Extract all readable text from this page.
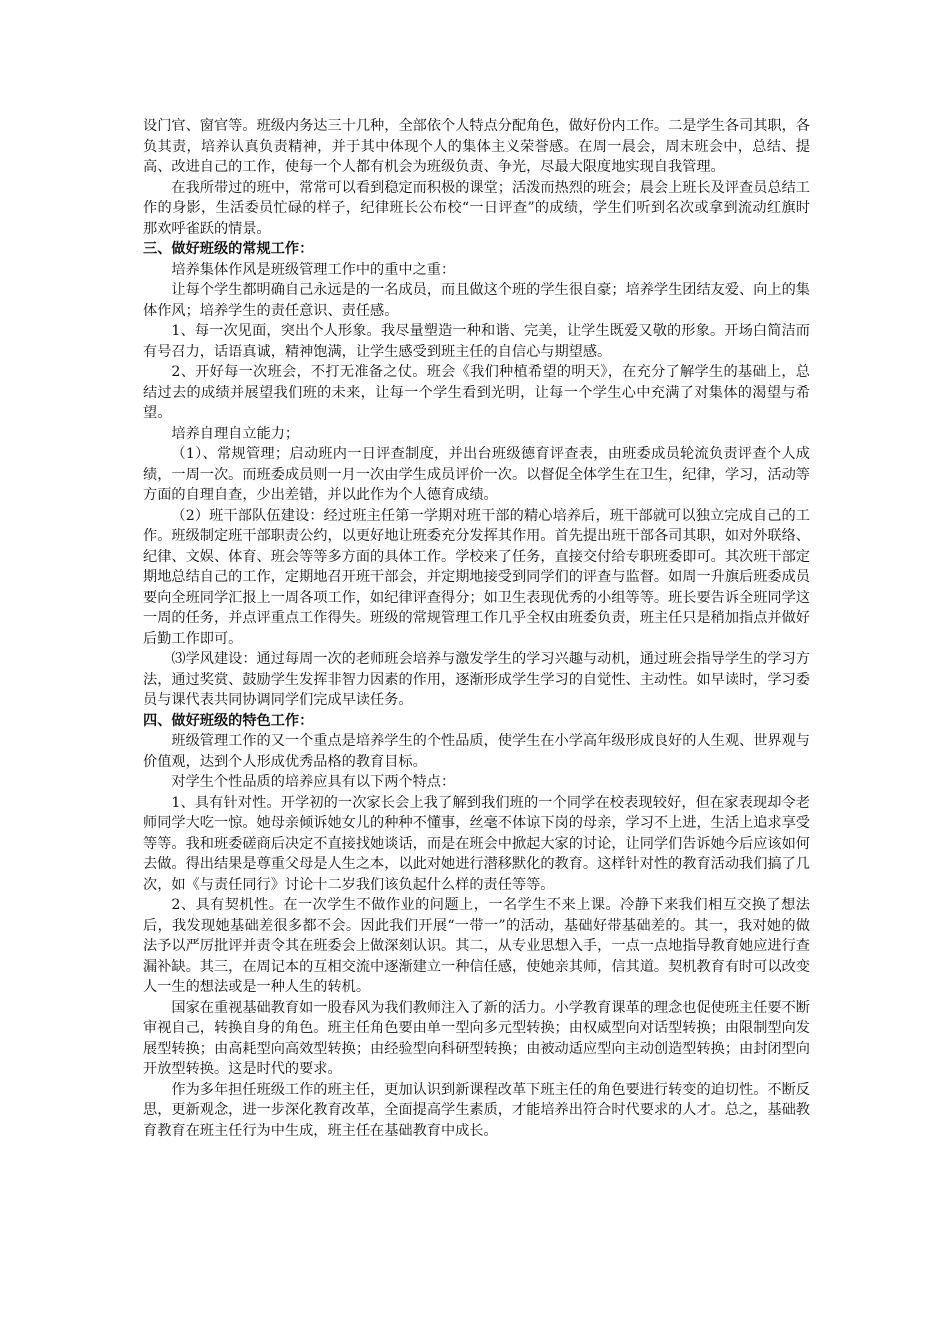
设门官、窗官等。班级内务达三十几种，全部依个人特点分配角色，做好份内工作。二是学生各司其职，各负其责，培养认真负责精神，并于其中体现个人的集体主义荣誉感。在周一晨会，周末班会中，总结、提高、改进自己的工作，使每一个人都有机会为班级负责、争光，尽最大限度地实现自我管理。

在我所带过的班中，常常可以看到稳定而积极的课堂；活泼而热烈的班会；晨会上班长及评查员总结工作的身影，生活委员忙碌的样子，纪律班长公布校“一日评查”的成绩，学生们听到名次或拿到流动红旗时那欢呼雀跃的情景。

三、做好班级的常规工作：

培养集体作风是班级管理工作中的重中之重：

让每个学生都明确自己永远是的一名成员，而且做这个班的学生很自豪；培养学生团结友爱、向上的集体作风；培养学生的责任意识、责任感。

1、每一次见面，突出个人形象。我尽量塑造一种和谐、完美，让学生既爱又敬的形象。开场白简洁而有号召力，话语真诚，精神饱满，让学生感受到班主任的自信心与期望感。

2、开好每一次班会，不打无准备之仗。班会《我们种植希望的明天》，在充分了解学生的基础上，总结过去的成绩并展望我们班的未来，让每一个学生看到光明，让每一个学生心中充满了对集体的渴望与希望。

培养自理自立能力；

（1）、常规管理；启动班内一日评查制度，并出台班级德育评查表，由班委成员轮流负责评查个人成绩，一周一次。而班委成员则一月一次由学生成员评价一次。以督促全体学生在卫生，纪律，学习，活动等方面的自理自查，少出差错，并以此作为个人德育成绩。

（2）班干部队伍建设：经过班主任第一学期对班干部的精心培养后，班干部就可以独立完成自己的工作。班级制定班干部职责公约，以更好地让班委充分发挥其作用。首先提出班干部各司其职，如对外联络、纪律、文娱、体育、班会等等多方面的具体工作。学校来了任务，直接交付给专职班委即可。其次班干部定期地总结自己的工作，定期地召开班干部会，并定期地接受到同学们的评查与监督。如周一升旗后班委成员要向全班同学汇报上一周各项工作，如纪律评查得分；如卫生表现优秀的小组等等。班长要告诉全班同学这一周的任务，并点评重点工作得失。班级的常规管理工作几乎全权由班委负责，班主任只是稍加指点并做好后勤工作即可。

⑶学风建设：通过每周一次的老师班会培养与激发学生的学习兴趣与动机，通过班会指导学生的学习方法，通过奖赏、鼓励学生发挥非智力因素的作用，逐渐形成学生学习的自觉性、主动性。如早读时，学习委员与课代表共同协调同学们完成早读任务。

四、做好班级的特色工作：

班级管理工作的又一个重点是培养学生的个性品质，使学生在小学高年级形成良好的人生观、世界观与价值观，达到个人形成优秀品格的教育目标。

对学生个性品质的培养应具有以下两个特点：

1、具有针对性。开学初的一次家长会上我了解到我们班的一个同学在校表现较好，但在家表现却令老师同学大吃一惊。她母亲倾诉她女儿的种种不懂事，丝毫不体谅下岗的母亲，学习不上进，生活上追求享受等等。我和班委磋商后决定不直接找她谈话，而是在班会中掀起大家的讨论，让同学们告诉她今后应该如何去做。得出结果是尊重父母是人生之本，以此对她进行潜移默化的教育。这样针对性的教育活动我们搞了几次，如《与责任同行》讨论十二岁我们该负起什么样的责任等等。

2、具有契机性。在一次学生不做作业的问题上，一名学生不来上课。冷静下来我们相互交换了想法后，我发现她基础差很多都不会。因此我们开展“一带一”的活动，基础好带基础差的。其一，我对她的做法予以严厉批评并责令其在班委会上做深刻认识。其二，从专业思想入手，一点一点地指导教育她应进行查漏补缺。其三，在周记本的互相交流中逐渐建立一种信任感，使她亲其师，信其道。契机教育有时可以改变人一生的想法或是一种人生的转机。

国家在重视基础教育如一股春风为我们教师注入了新的活力。小学教育课革的理念也促使班主任要不断审视自己，转换自身的角色。班主任角色要由单一型向多元型转换；由权威型向对话型转换；由限制型向发展型转换；由高耗型向高效型转换；由经验型向科研型转换；由被动适应型向主动创造型转换；由封闭型向开放型转换。这是时代的要求。

作为多年担任班级工作的班主任，更加认识到新课程改革下班主任的角色要进行转变的迫切性。不断反思，更新观念，进一步深化教育改革，全面提高学生素质，才能培养出符合时代要求的人才。总之，基础教育教育在班主任行为中生成，班主任在基础教育中成长。
